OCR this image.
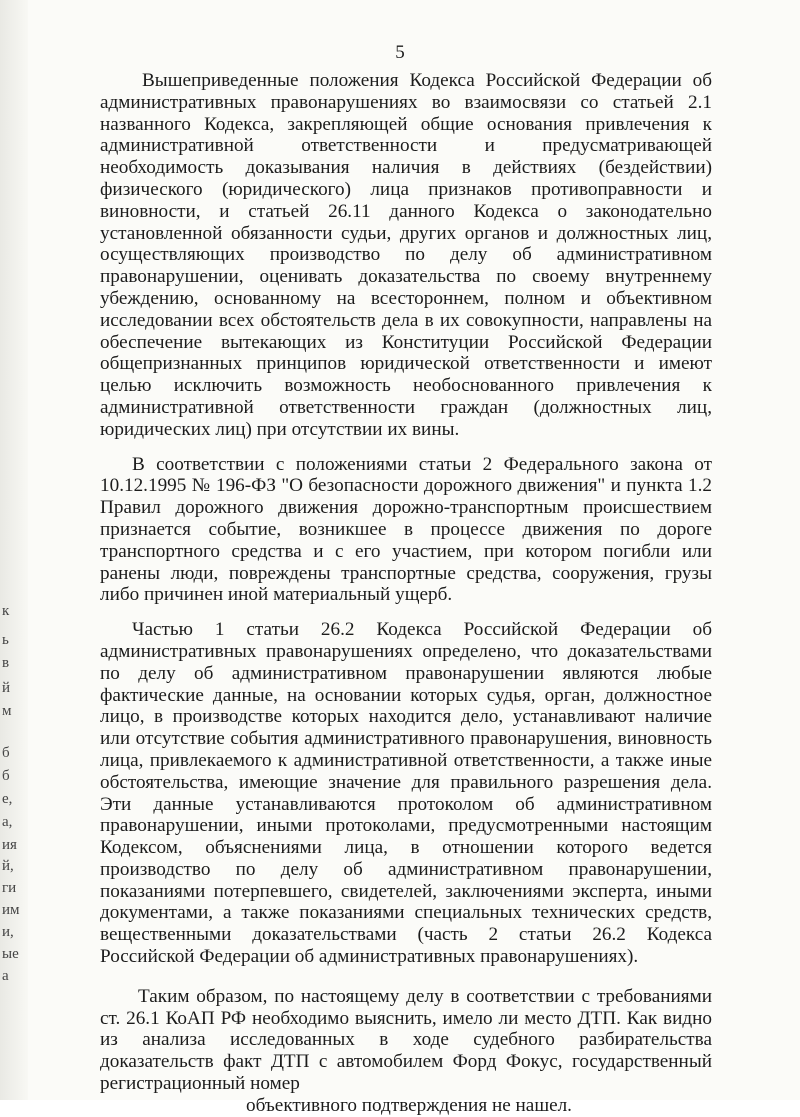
к
ь
в
й
м
б
б
е,
а,
ия
й,
ги
им
и,
ые
а
5

Вышеприведенные положения Кодекса Российской Федерации об административных правонарушениях во взаимосвязи со статьей 2.1 названного Кодекса, закрепляющей общие основания привлечения к административной ответственности и предусматривающей необходимость доказывания наличия в действиях (бездействии) физического (юридического) лица признаков противоправности и виновности, и статьей 26.11 данного Кодекса о законодательно установленной обязанности судьи, других органов и должностных лиц, осуществляющих производство по делу об административном правонарушении, оценивать доказательства по своему внутреннему убеждению, основанному на всестороннем, полном и объективном исследовании всех обстоятельств дела в их совокупности, направлены на обеспечение вытекающих из Конституции Российской Федерации общепризнанных принципов юридической ответственности и имеют целью исключить возможность необоснованного привлечения к административной ответственности граждан (должностных лиц, юридических лиц) при отсутствии их вины.

В соответствии с положениями статьи 2 Федерального закона от 10.12.1995 № 196-ФЗ "О безопасности дорожного движения" и пункта 1.2 Правил дорожного движения дорожно-транспортным происшествием признается событие, возникшее в процессе движения по дороге транспортного средства и с его участием, при котором погибли или ранены люди, повреждены транспортные средства, сооружения, грузы либо причинен иной материальный ущерб.

Частью 1 статьи 26.2 Кодекса Российской Федерации об административных правонарушениях определено, что доказательствами по делу об административном правонарушении являются любые фактические данные, на основании которых судья, орган, должностное лицо, в производстве которых находится дело, устанавливают наличие или отсутствие события административного правонарушения, виновность лица, привлекаемого к административной ответственности, а также иные обстоятельства, имеющие значение для правильного разрешения дела. Эти данные устанавливаются протоколом об административном правонарушении, иными протоколами, предусмотренными настоящим Кодексом, объяснениями лица, в отношении которого ведется производство по делу об административном правонарушении, показаниями потерпевшего, свидетелей, заключениями эксперта, иными документами, а также показаниями специальных технических средств, вещественными доказательствами (часть 2 статьи 26.2 Кодекса Российской Федерации об административных правонарушениях).

Таким образом, по настоящему делу в соответствии с требованиями ст. 26.1 КоАП РФ необходимо выяснить, имело ли место ДТП. Как видно из анализа исследованных в ходе судебного разбирательства доказательств факт ДТП с автомобилем Форд Фокус, государственный регистрационный номер
объективного подтверждения не нашел.
